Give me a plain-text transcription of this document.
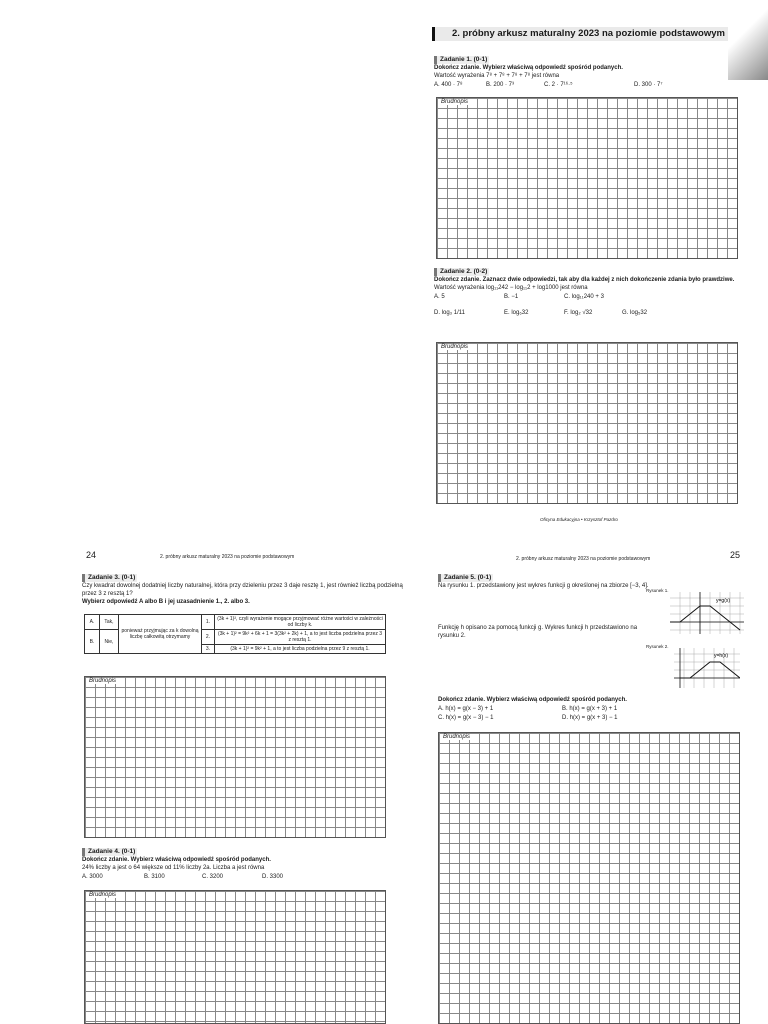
2. próbny arkusz maturalny 2023 na poziomie podstawowym
Zadanie 1. (0-1)
Dokończ zdanie. Wybierz właściwą odpowiedź spośród podanych.
Wartość wyrażenia 7⁸ + 7⁸ + 7⁸ + 7⁸ jest równa
A. 400 · 7⁸	B. 200 · 7³	C. 2 · 7¹⁶·⁵	D. 300 · 7⁷
Brudnopis
Zadanie 2. (0-2)
Dokończ zdanie. Zaznacz dwie odpowiedzi, tak aby dla każdej z nich dokończenie zdania było prawdziwe.
Wartość wyrażenia log₁₁242 − log₁₁2 + log1000 jest równa
A. 5	B. −1	C. log₁₁240 + 3
D. log₃ 1/11	E. log₆32	F. log₂ √32	G. log₅32
Brudnopis
Oficyna Edukacyjna • Krzysztof Pazdro
24	2. próbny arkusz maturalny 2023 na poziomie podstawowym
Zadanie 3. (0-1)
Czy kwadrat dowolnej dodatniej liczby naturalnej, która przy dzieleniu przez 3 daje resztę 1, jest również liczbą podzielną przez 3 z resztą 1?
Wybierz odpowiedź A albo B i jej uzasadnienie 1., 2. albo 3.
A.	Tak,	ponieważ przyjmując za k dowolną liczbę całkowitą otrzymamy	1.	(3k + 1)², czyli wyrażenie mogące przyjmować różne wartości w zależności od liczby k.

			2.	(3k + 1)² = 9k² + 6k + 1 = 3(3k² + 2k) + 1, a to jest liczba podzielna przez 3 z resztą 1.
B.	Nie,			
			3.	(3k + 1)² = 9k² + 1, a to jest liczba podzielna przez 9 z resztą 1.

Brudnopis
Zadanie 4. (0-1)
Dokończ zdanie. Wybierz właściwą odpowiedź spośród podanych.
24% liczby a jest o 64 większe od 11% liczby 2a. Liczba a jest równa
A. 3000	B. 3100	C. 3200	D. 3300
Brudnopis
2. próbny arkusz maturalny 2023 na poziomie podstawowym	25
Zadanie 5. (0-1)
Na rysunku 1. przedstawiony jest wykres funkcji g określonej na zbiorze [−3, 4].
Funkcję h opisano za pomocą funkcji g. Wykres funkcji h przedstawiono na rysunku 2.
Rysunek 1.
y=g(x)
Rysunek 2.
y=h(x)
Dokończ zdanie. Wybierz właściwą odpowiedź spośród podanych.
A. h(x) = g(x − 3) + 1	B. h(x) = g(x + 3) + 1
C. h(x) = g(x − 3) − 1	D. h(x) = g(x + 3) − 1
Brudnopis
